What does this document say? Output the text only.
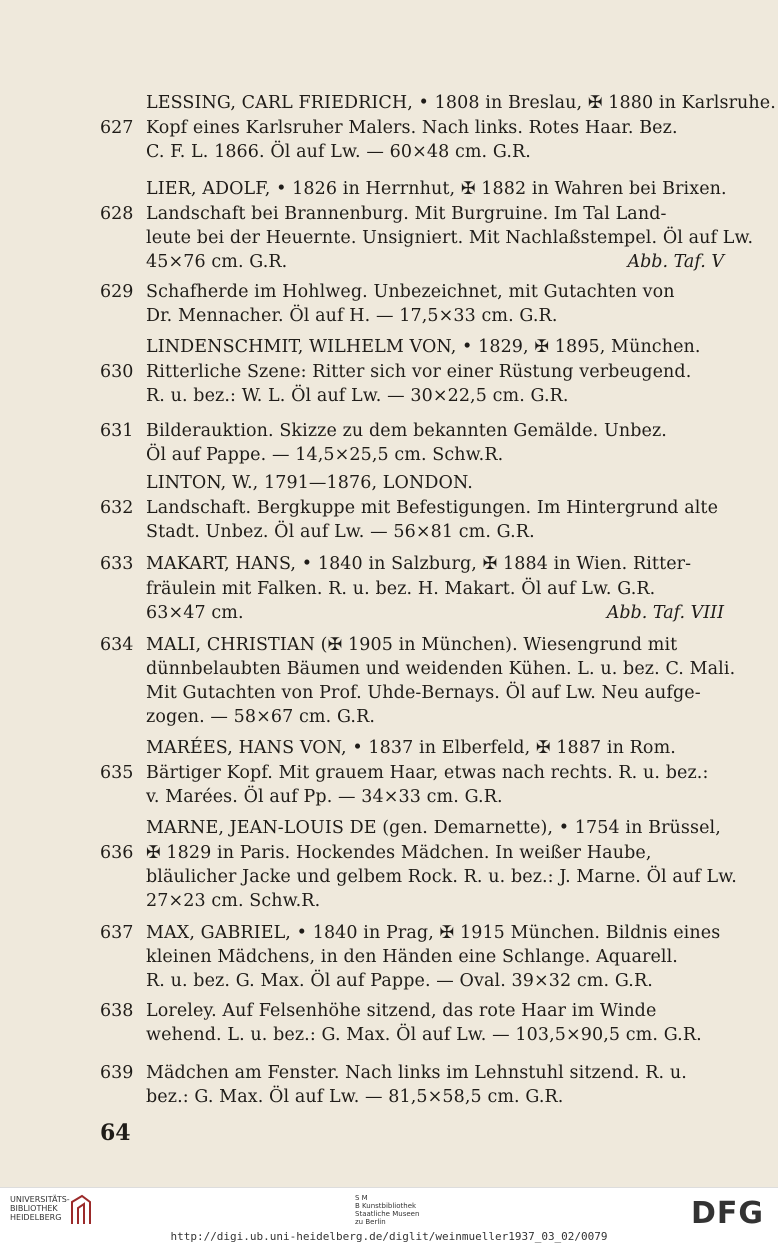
LESSING, CARL FRIEDRICH, • 1808 in Breslau, ✠ 1880 in Karlsruhe.
627 Kopf eines Karlsruher Malers. Nach links. Rotes Haar. Bez.
C. F. L. 1866. Öl auf Lw. — 60×48 cm. G.R.
LIER, ADOLF, • 1826 in Herrnhut, ✠ 1882 in Wahren bei Brixen.
628 Landschaft bei Brannenburg. Mit Burgruine. Im Tal Land-
leute bei der Heuernte. Unsigniert. Mit Nachlaßstempel. Öl auf Lw.
45×76 cm. G.R.
629 Schafherde im Hohlweg. Unbezeichnet, mit Gutachten von
Dr. Mennacher. Öl auf H. — 17,5×33 cm. G.R.
LINDENSCHMIT, WILHELM VON, • 1829, ✠ 1895, München.
630 Ritterliche Szene: Ritter sich vor einer Rüstung verbeugend.
R. u. bez.: W. L. Öl auf Lw. — 30×22,5 cm. G.R.
631 Bilderauktion. Skizze zu dem bekannten Gemälde. Unbez.
Öl auf Pappe. — 14,5×25,5 cm. Schw.R.
LINTON, W., 1791—1876, LONDON.
632 Landschaft. Bergkuppe mit Befestigungen. Im Hintergrund alte
Stadt. Unbez. Öl auf Lw. — 56×81 cm. G.R.
633 MAKART, HANS, • 1840 in Salzburg, ✠ 1884 in Wien. Ritter-
fräulein mit Falken. R. u. bez. H. Makart. Öl auf Lw. G.R.
63×47 cm.
634 MALI, CHRISTIAN (✠ 1905 in München). Wiesengrund mit
dünnbelaubten Bäumen und weidenden Kühen. L. u. bez. C. Mali.
Mit Gutachten von Prof. Uhde-Bernays. Öl auf Lw. Neu aufge-
zogen. — 58×67 cm. G.R.
MARÉES, HANS VON, • 1837 in Elberfeld, ✠ 1887 in Rom.
635 Bärtiger Kopf. Mit grauem Haar, etwas nach rechts. R. u. bez.:
v. Marées. Öl auf Pp. — 34×33 cm. G.R.
MARNE, JEAN-LOUIS DE (gen. Demarnette), • 1754 in Brüssel,
636 ✠ 1829 in Paris. Hockendes Mädchen. In weißer Haube,
bläulicher Jacke und gelbem Rock. R. u. bez.: J. Marne. Öl auf Lw.
27×23 cm. Schw.R.
637 MAX, GABRIEL, • 1840 in Prag, ✠ 1915 München. Bildnis eines
kleinen Mädchens, in den Händen eine Schlange. Aquarell.
R. u. bez. G. Max. Öl auf Pappe. — Oval. 39×32 cm. G.R.
638 Loreley. Auf Felsenhöhe sitzend, das rote Haar im Winde
wehend. L. u. bez.: G. Max. Öl auf Lw. — 103,5×90,5 cm. G.R.
639 Mädchen am Fenster. Nach links im Lehnstuhl sitzend. R. u.
bez.: G. Max. Öl auf Lw. — 81,5×58,5 cm. G.R.
Abb. Taf. V
Abb. Taf. VIII
64
UNIVERSITÄTS-
BIBLIOTHEK
HEIDELBERG
S M
B Kunstbibliothek
Staatliche Museen
zu Berlin	DFG
http://digi.ub.uni-heidelberg.de/diglit/weinmueller1937_03_02/0079
